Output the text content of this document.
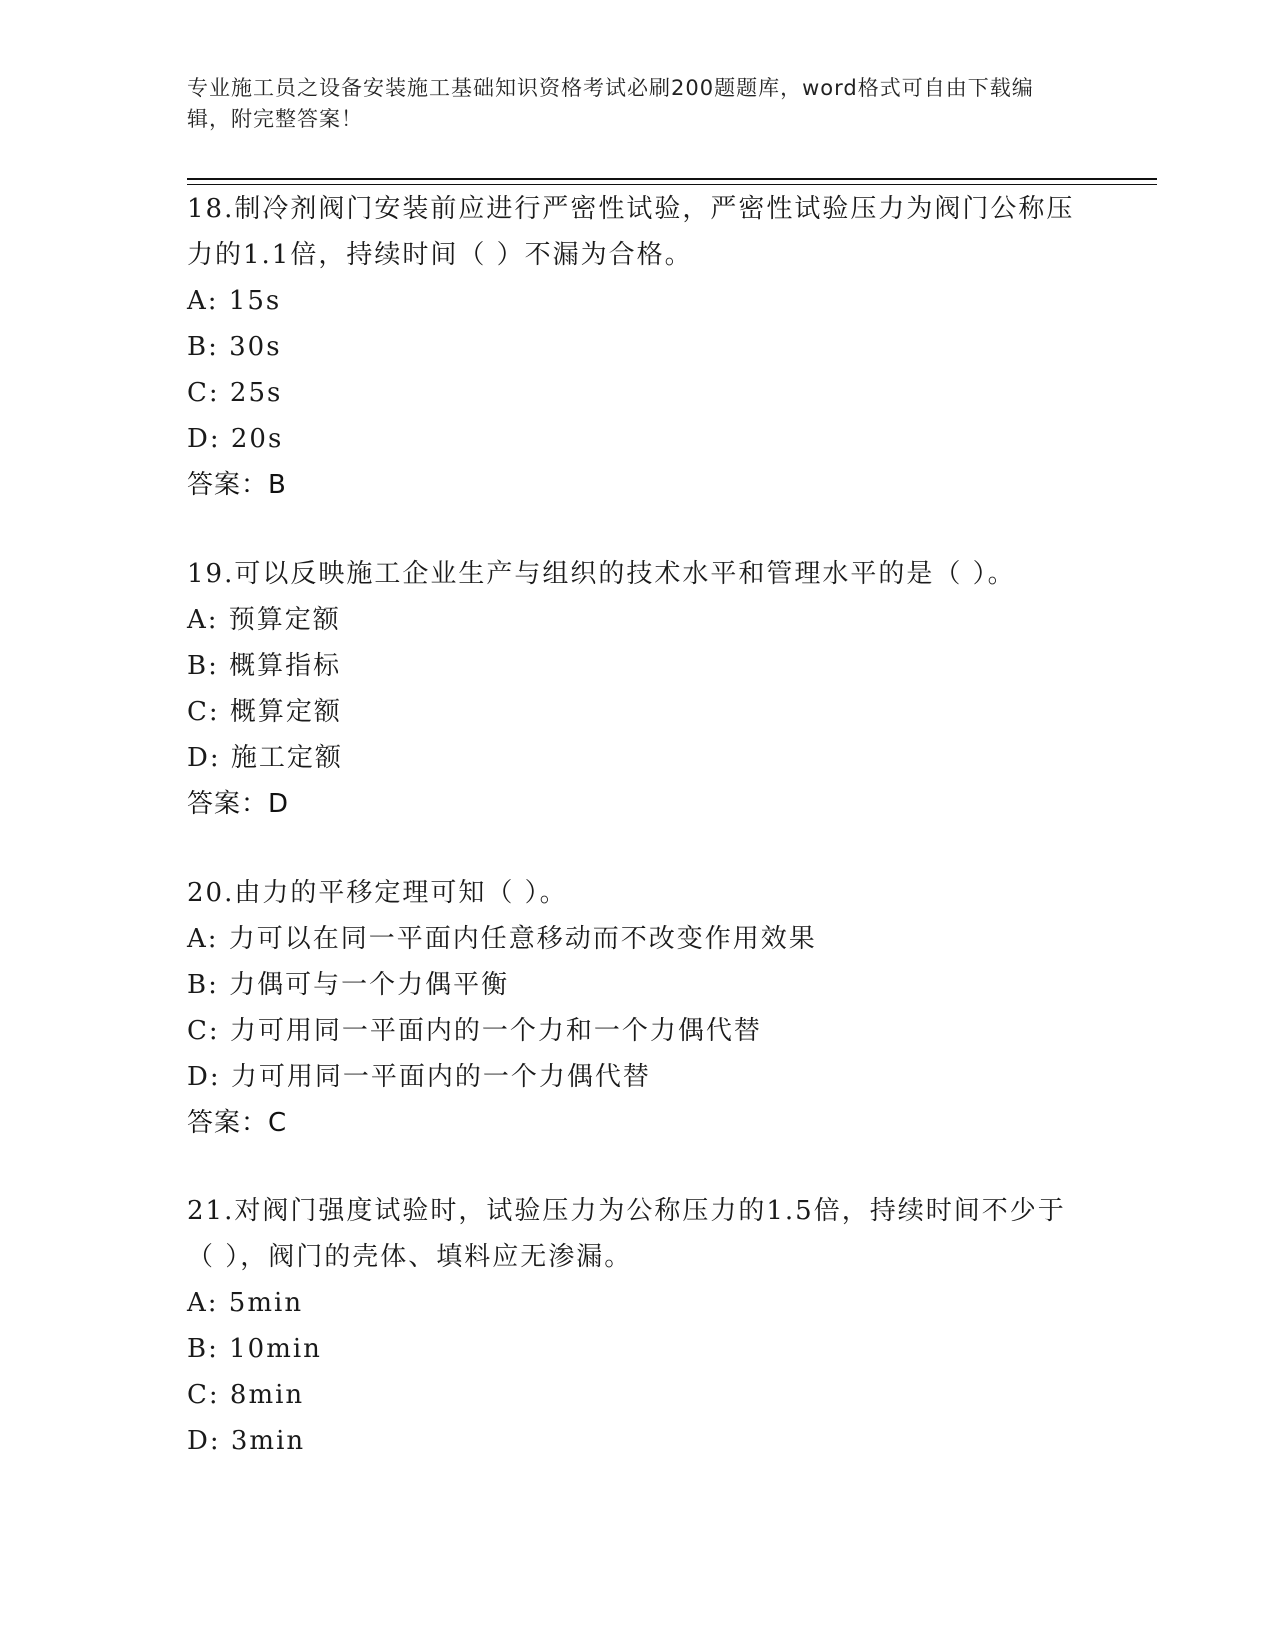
专业施工员之设备安装施工基础知识资格考试必刷200题题库，word格式可自由下载编辑，附完整答案！

18.制冷剂阀门安装前应进行严密性试验，严密性试验压力为阀门公称压力的1.1倍，持续时间（ ）不漏为合格。

A: 15s

B: 30s

C: 25s

D: 20s

答案：B

19.可以反映施工企业生产与组织的技术水平和管理水平的是（ ）。

A: 预算定额

B: 概算指标

C: 概算定额

D: 施工定额

答案：D

20.由力的平移定理可知（ ）。

A: 力可以在同一平面内任意移动而不改变作用效果

B: 力偶可与一个力偶平衡

C: 力可用同一平面内的一个力和一个力偶代替

D: 力可用同一平面内的一个力偶代替

答案：C

21.对阀门强度试验时，试验压力为公称压力的1.5倍，持续时间不少于（ ），阀门的壳体、填料应无渗漏。

A: 5min

B: 10min

C: 8min

D: 3min
